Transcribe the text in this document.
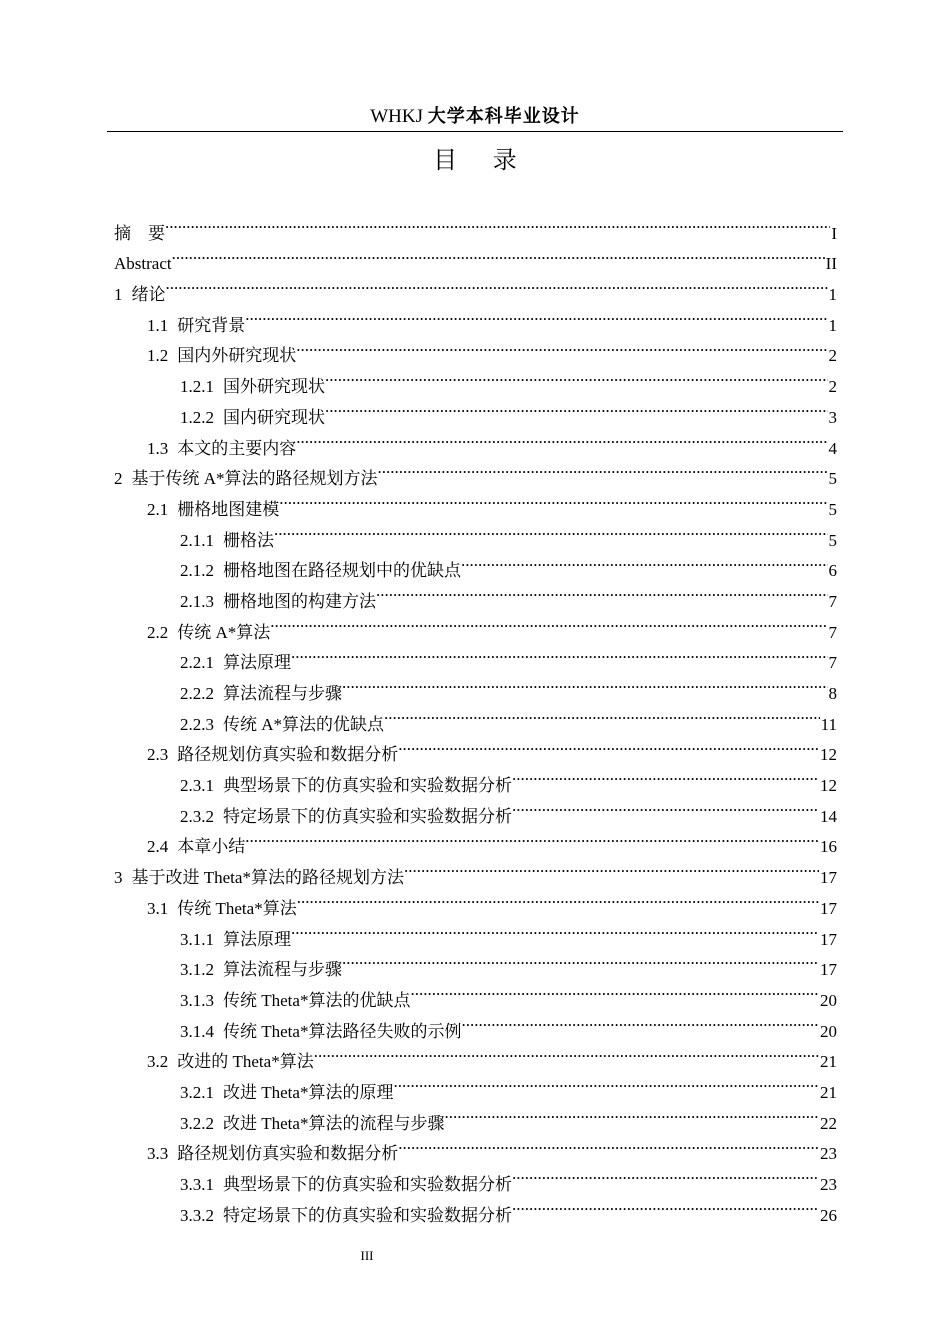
WHKJ 大学本科毕业设计
目 录
摘　要 .....	I
Abstract .....	II
1 绪论 .....	1
1.1 研究背景 .....	1
1.2 国内外研究现状 .....	2
1.2.1 国外研究现状 .....	2
1.2.2 国内研究现状 .....	3
1.3 本文的主要内容 .....	4
2 基于传统 A*算法的路径规划方法 .....	5
2.1 栅格地图建模 .....	5
2.1.1 栅格法 .....	5
2.1.2 栅格地图在路径规划中的优缺点 .....	6
2.1.3 栅格地图的构建方法 .....	7
2.2 传统 A*算法 .....	7
2.2.1 算法原理 .....	7
2.2.2 算法流程与步骤 .....	8
2.2.3 传统 A*算法的优缺点 .....	11
2.3 路径规划仿真实验和数据分析 .....	12
2.3.1 典型场景下的仿真实验和实验数据分析 .....	12
2.3.2 特定场景下的仿真实验和实验数据分析 .....	14
2.4 本章小结 .....	16
3 基于改进 Theta*算法的路径规划方法 .....	17
3.1 传统 Theta*算法 .....	17
3.1.1 算法原理 .....	17
3.1.2 算法流程与步骤 .....	17
3.1.3 传统 Theta*算法的优缺点 .....	20
3.1.4 传统 Theta*算法路径失败的示例 .....	20
3.2 改进的 Theta*算法 .....	21
3.2.1 改进 Theta*算法的原理 .....	21
3.2.2 改进 Theta*算法的流程与步骤 .....	22
3.3 路径规划仿真实验和数据分析 .....	23
3.3.1 典型场景下的仿真实验和实验数据分析 .....	23
3.3.2 特定场景下的仿真实验和实验数据分析 .....	26
III
